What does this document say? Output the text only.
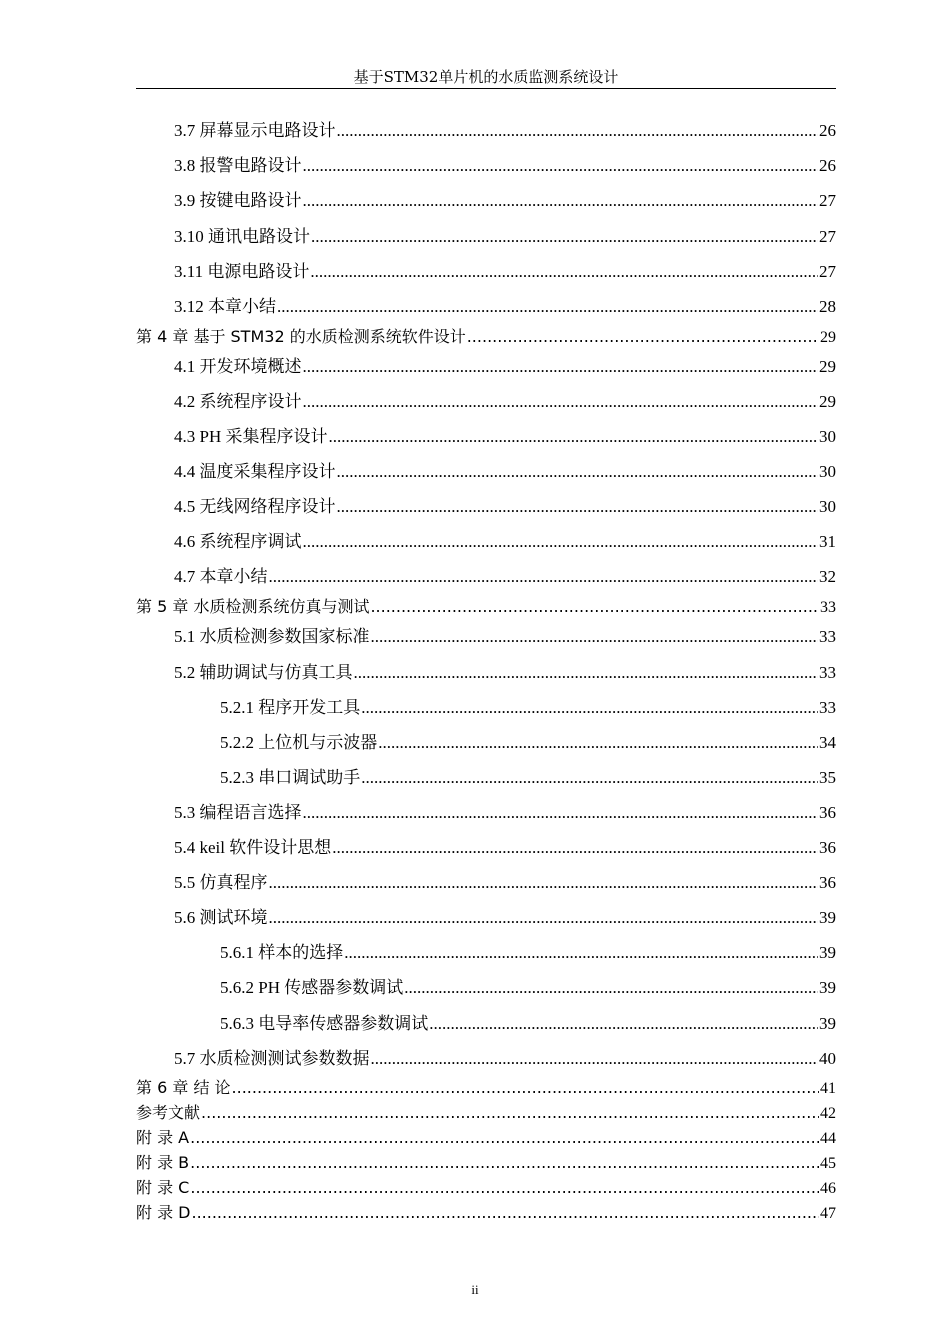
基于STM32单片机的水质监测系统设计
3.7 屏幕显示电路设计 .....	26
3.8 报警电路设计 .....	26
3.9 按键电路设计 .....	27
3.10 通讯电路设计 .....	27
3.11 电源电路设计 .....	27
3.12 本章小结 .....	28
第 4 章 基于 STM32 的水质检测系统软件设计 .....	29
4.1 开发环境概述 .....	29
4.2 系统程序设计 .....	29
4.3 PH 采集程序设计 .....	30
4.4 温度采集程序设计 .....	30
4.5 无线网络程序设计 .....	30
4.6 系统程序调试 .....	31
4.7 本章小结 .....	32
第 5 章 水质检测系统仿真与测试 .....	33
5.1 水质检测参数国家标准 .....	33
5.2 辅助调试与仿真工具 .....	33
5.2.1 程序开发工具 .....	33
5.2.2 上位机与示波器 .....	34
5.2.3 串口调试助手 .....	35
5.3 编程语言选择 .....	36
5.4 keil 软件设计思想 .....	36
5.5 仿真程序 .....	36
5.6 测试环境 .....	39
5.6.1 样本的选择 .....	39
5.6.2 PH 传感器参数调试 .....	39
5.6.3 电导率传感器参数调试 .....	39
5.7 水质检测测试参数数据 .....	40
第 6 章 结 论 .....	41
参考文献 .....	42
附 录 A .....	44
附 录 B .....	45
附 录 C .....	46
附 录 D .....	47
ii
